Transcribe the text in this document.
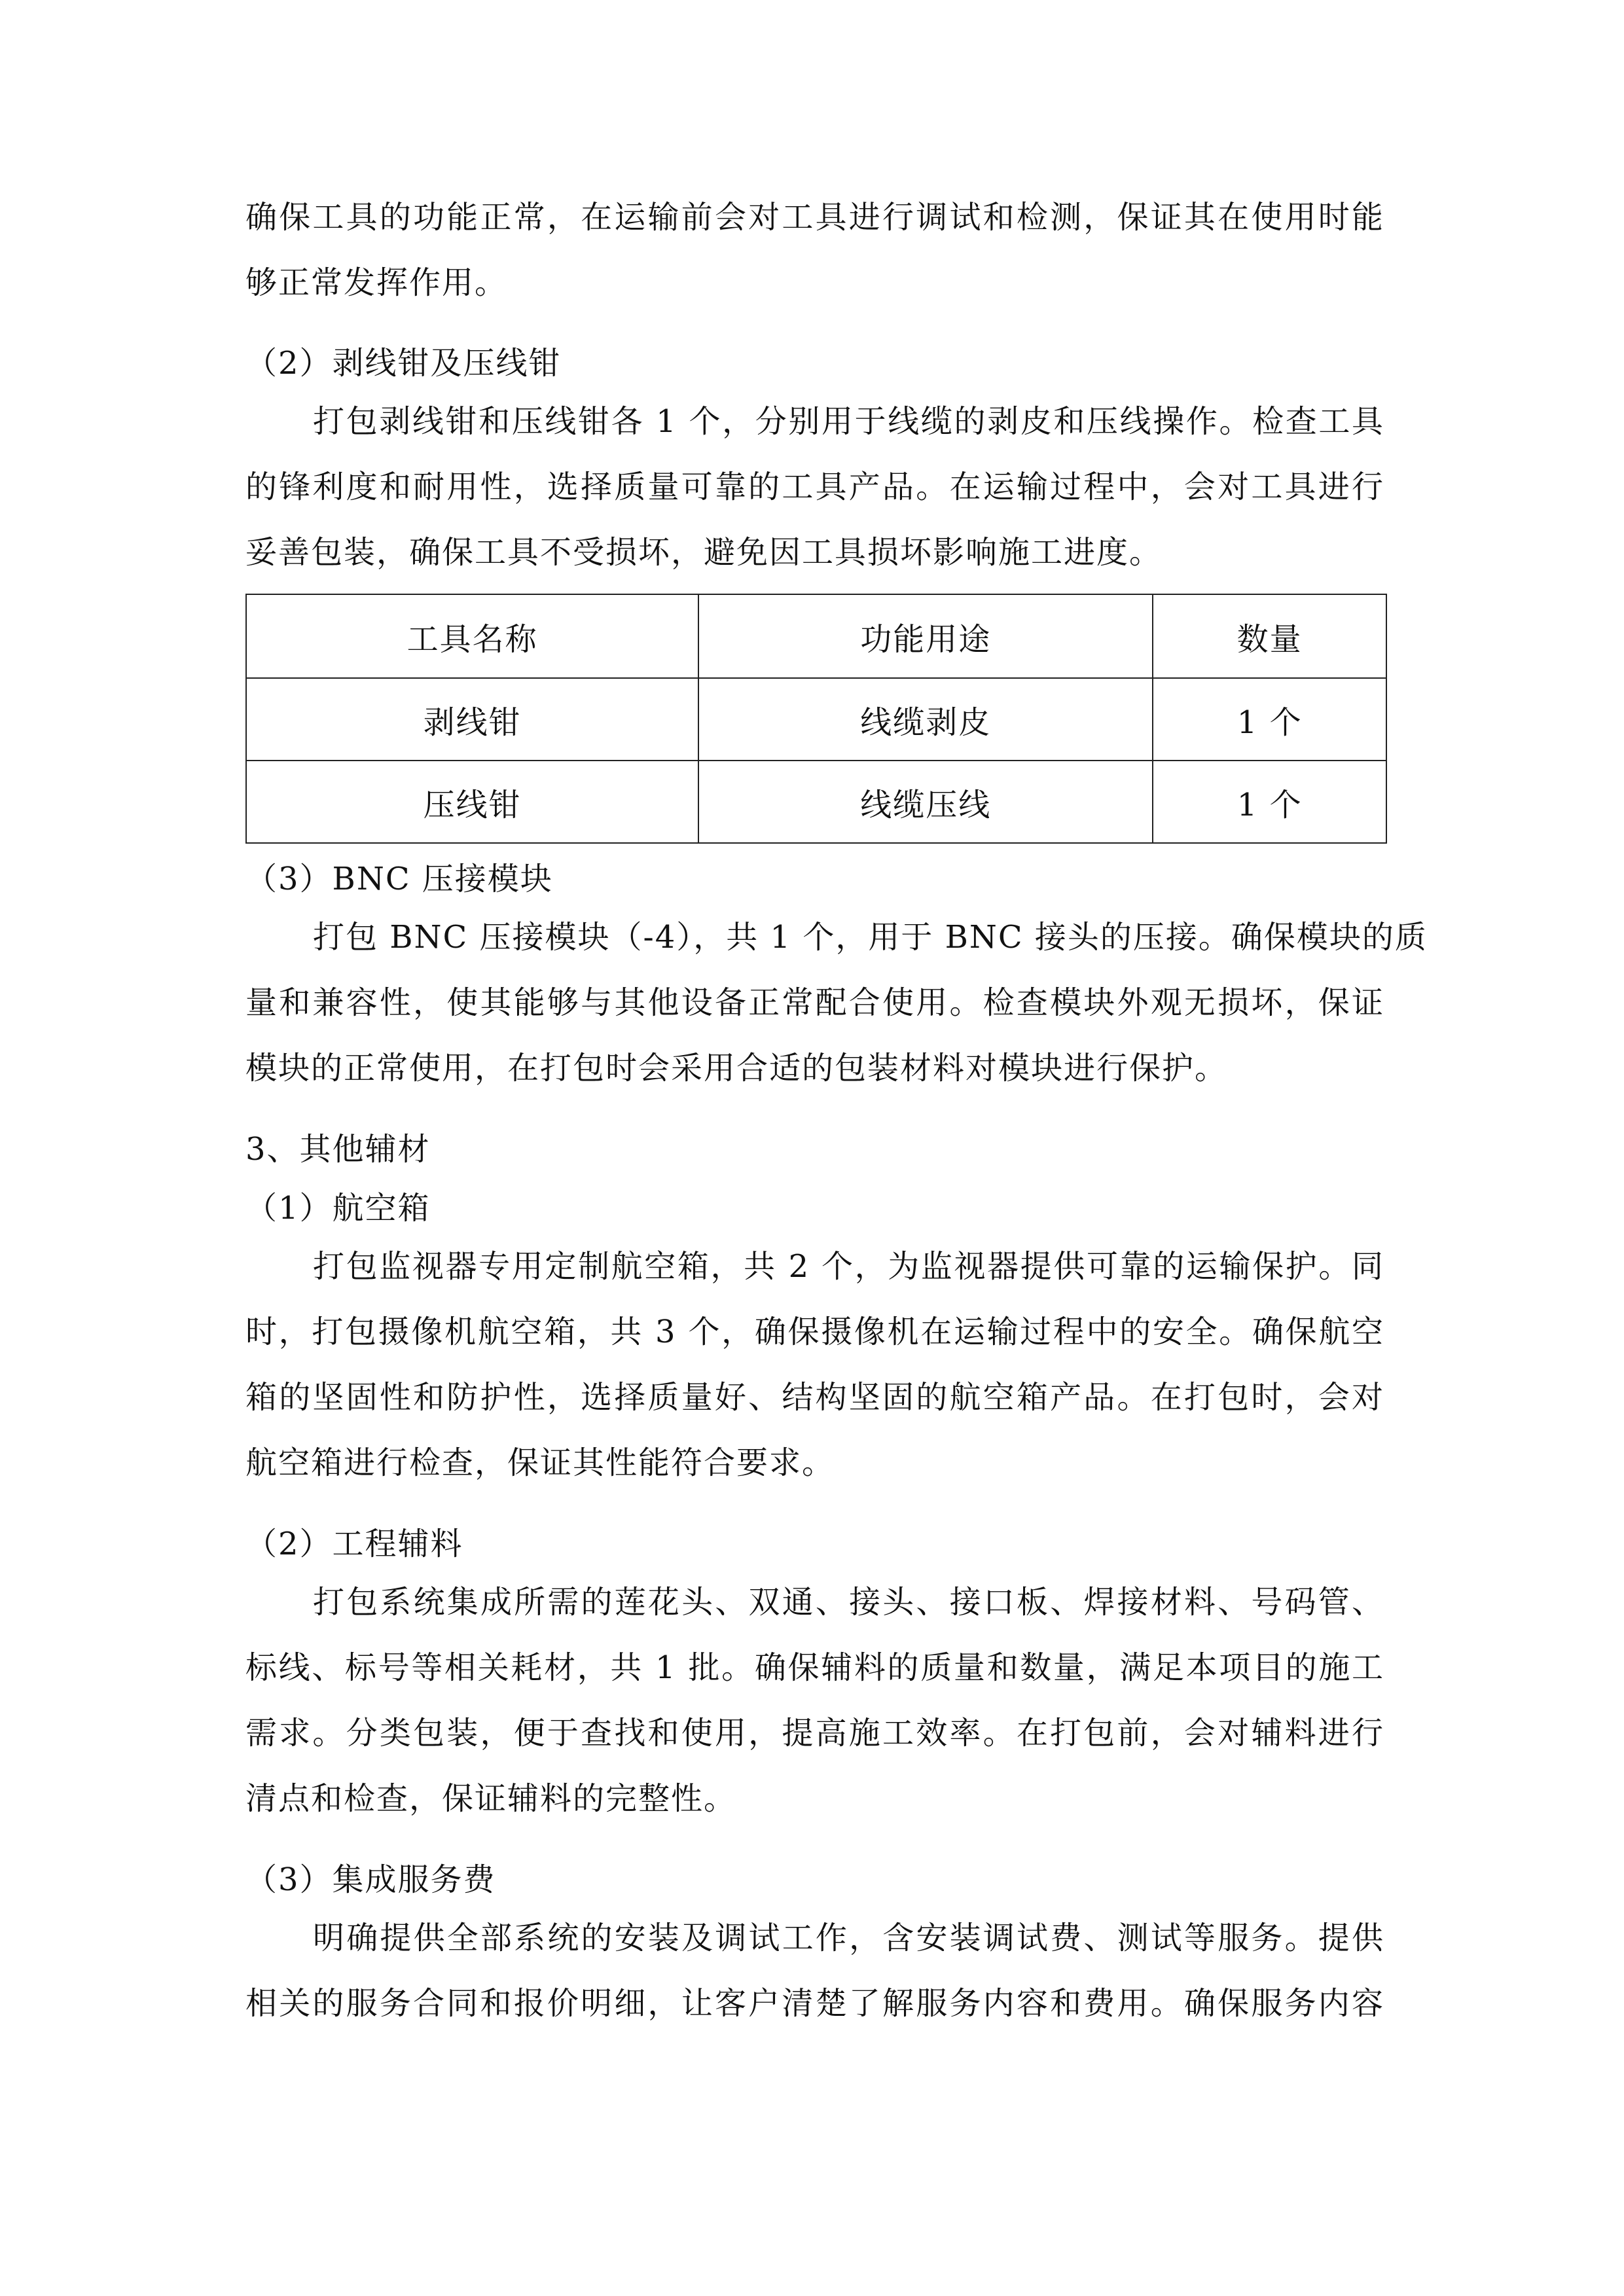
确保工具的功能正常，在运输前会对工具进行调试和检测，保证其在使用时能
够正常发挥作用。
（2）剥线钳及压线钳
打包剥线钳和压线钳各 1 个，分别用于线缆的剥皮和压线操作。检查工具
的锋利度和耐用性，选择质量可靠的工具产品。在运输过程中，会对工具进行
妥善包装，确保工具不受损坏，避免因工具损坏影响施工进度。
工具名称	功能用途	数量
剥线钳	线缆剥皮	1 个
压线钳	线缆压线	1 个
（3）BNC 压接模块
打包 BNC 压接模块（-4），共 1 个，用于 BNC 接头的压接。确保模块的质
量和兼容性，使其能够与其他设备正常配合使用。检查模块外观无损坏，保证
模块的正常使用，在打包时会采用合适的包装材料对模块进行保护。
3、其他辅材
（1）航空箱
打包监视器专用定制航空箱，共 2 个，为监视器提供可靠的运输保护。同
时，打包摄像机航空箱，共 3 个，确保摄像机在运输过程中的安全。确保航空
箱的坚固性和防护性，选择质量好、结构坚固的航空箱产品。在打包时，会对
航空箱进行检查，保证其性能符合要求。
（2）工程辅料
打包系统集成所需的莲花头、双通、接头、接口板、焊接材料、号码管、
标线、标号等相关耗材，共 1 批。确保辅料的质量和数量，满足本项目的施工
需求。分类包装，便于查找和使用，提高施工效率。在打包前，会对辅料进行
清点和检查，保证辅料的完整性。
（3）集成服务费
明确提供全部系统的安装及调试工作，含安装调试费、测试等服务。提供
相关的服务合同和报价明细，让客户清楚了解服务内容和费用。确保服务内容
